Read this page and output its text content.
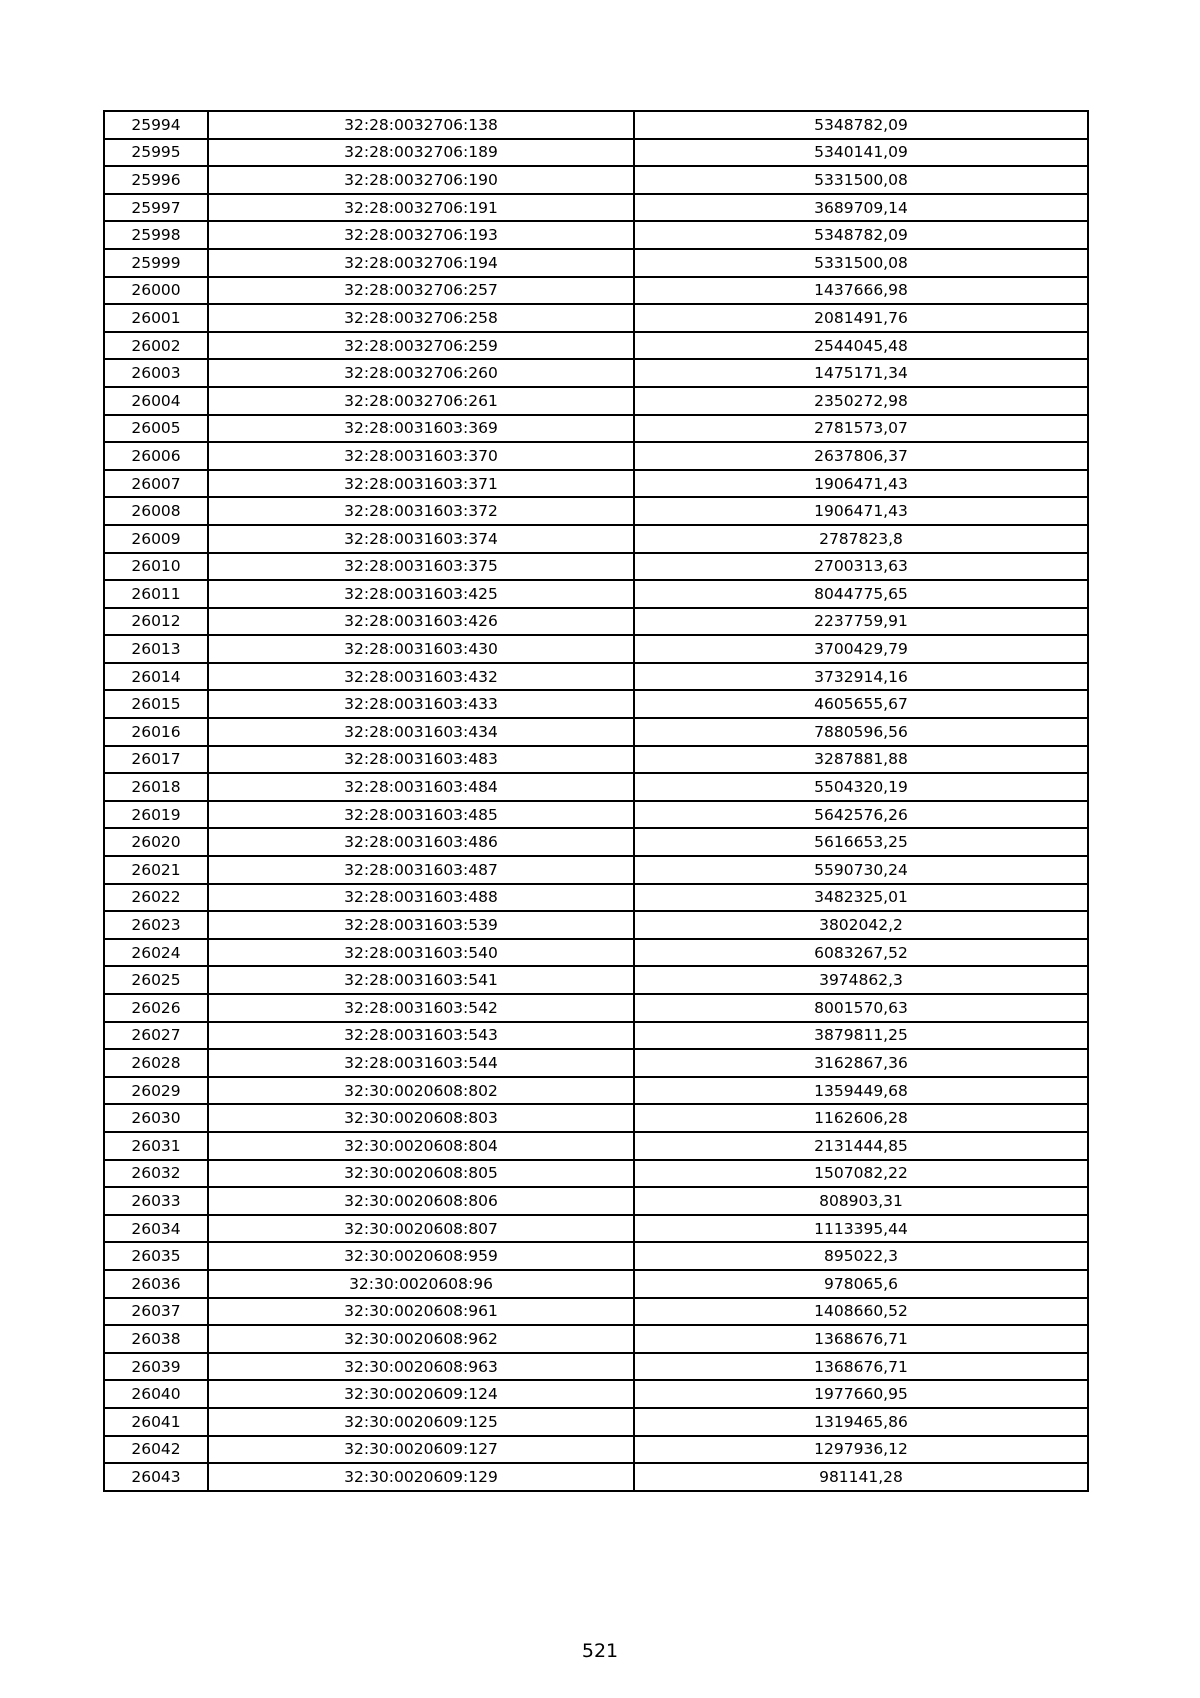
25994	32:28:0032706:138	5348782,09
25995	32:28:0032706:189	5340141,09
25996	32:28:0032706:190	5331500,08
25997	32:28:0032706:191	3689709,14
25998	32:28:0032706:193	5348782,09
25999	32:28:0032706:194	5331500,08
26000	32:28:0032706:257	1437666,98
26001	32:28:0032706:258	2081491,76
26002	32:28:0032706:259	2544045,48
26003	32:28:0032706:260	1475171,34
26004	32:28:0032706:261	2350272,98
26005	32:28:0031603:369	2781573,07
26006	32:28:0031603:370	2637806,37
26007	32:28:0031603:371	1906471,43
26008	32:28:0031603:372	1906471,43
26009	32:28:0031603:374	2787823,8
26010	32:28:0031603:375	2700313,63
26011	32:28:0031603:425	8044775,65
26012	32:28:0031603:426	2237759,91
26013	32:28:0031603:430	3700429,79
26014	32:28:0031603:432	3732914,16
26015	32:28:0031603:433	4605655,67
26016	32:28:0031603:434	7880596,56
26017	32:28:0031603:483	3287881,88
26018	32:28:0031603:484	5504320,19
26019	32:28:0031603:485	5642576,26
26020	32:28:0031603:486	5616653,25
26021	32:28:0031603:487	5590730,24
26022	32:28:0031603:488	3482325,01
26023	32:28:0031603:539	3802042,2
26024	32:28:0031603:540	6083267,52
26025	32:28:0031603:541	3974862,3
26026	32:28:0031603:542	8001570,63
26027	32:28:0031603:543	3879811,25
26028	32:28:0031603:544	3162867,36
26029	32:30:0020608:802	1359449,68
26030	32:30:0020608:803	1162606,28
26031	32:30:0020608:804	2131444,85
26032	32:30:0020608:805	1507082,22
26033	32:30:0020608:806	808903,31
26034	32:30:0020608:807	1113395,44
26035	32:30:0020608:959	895022,3
26036	32:30:0020608:96	978065,6
26037	32:30:0020608:961	1408660,52
26038	32:30:0020608:962	1368676,71
26039	32:30:0020608:963	1368676,71
26040	32:30:0020609:124	1977660,95
26041	32:30:0020609:125	1319465,86
26042	32:30:0020609:127	1297936,12
26043	32:30:0020609:129	981141,28
521
